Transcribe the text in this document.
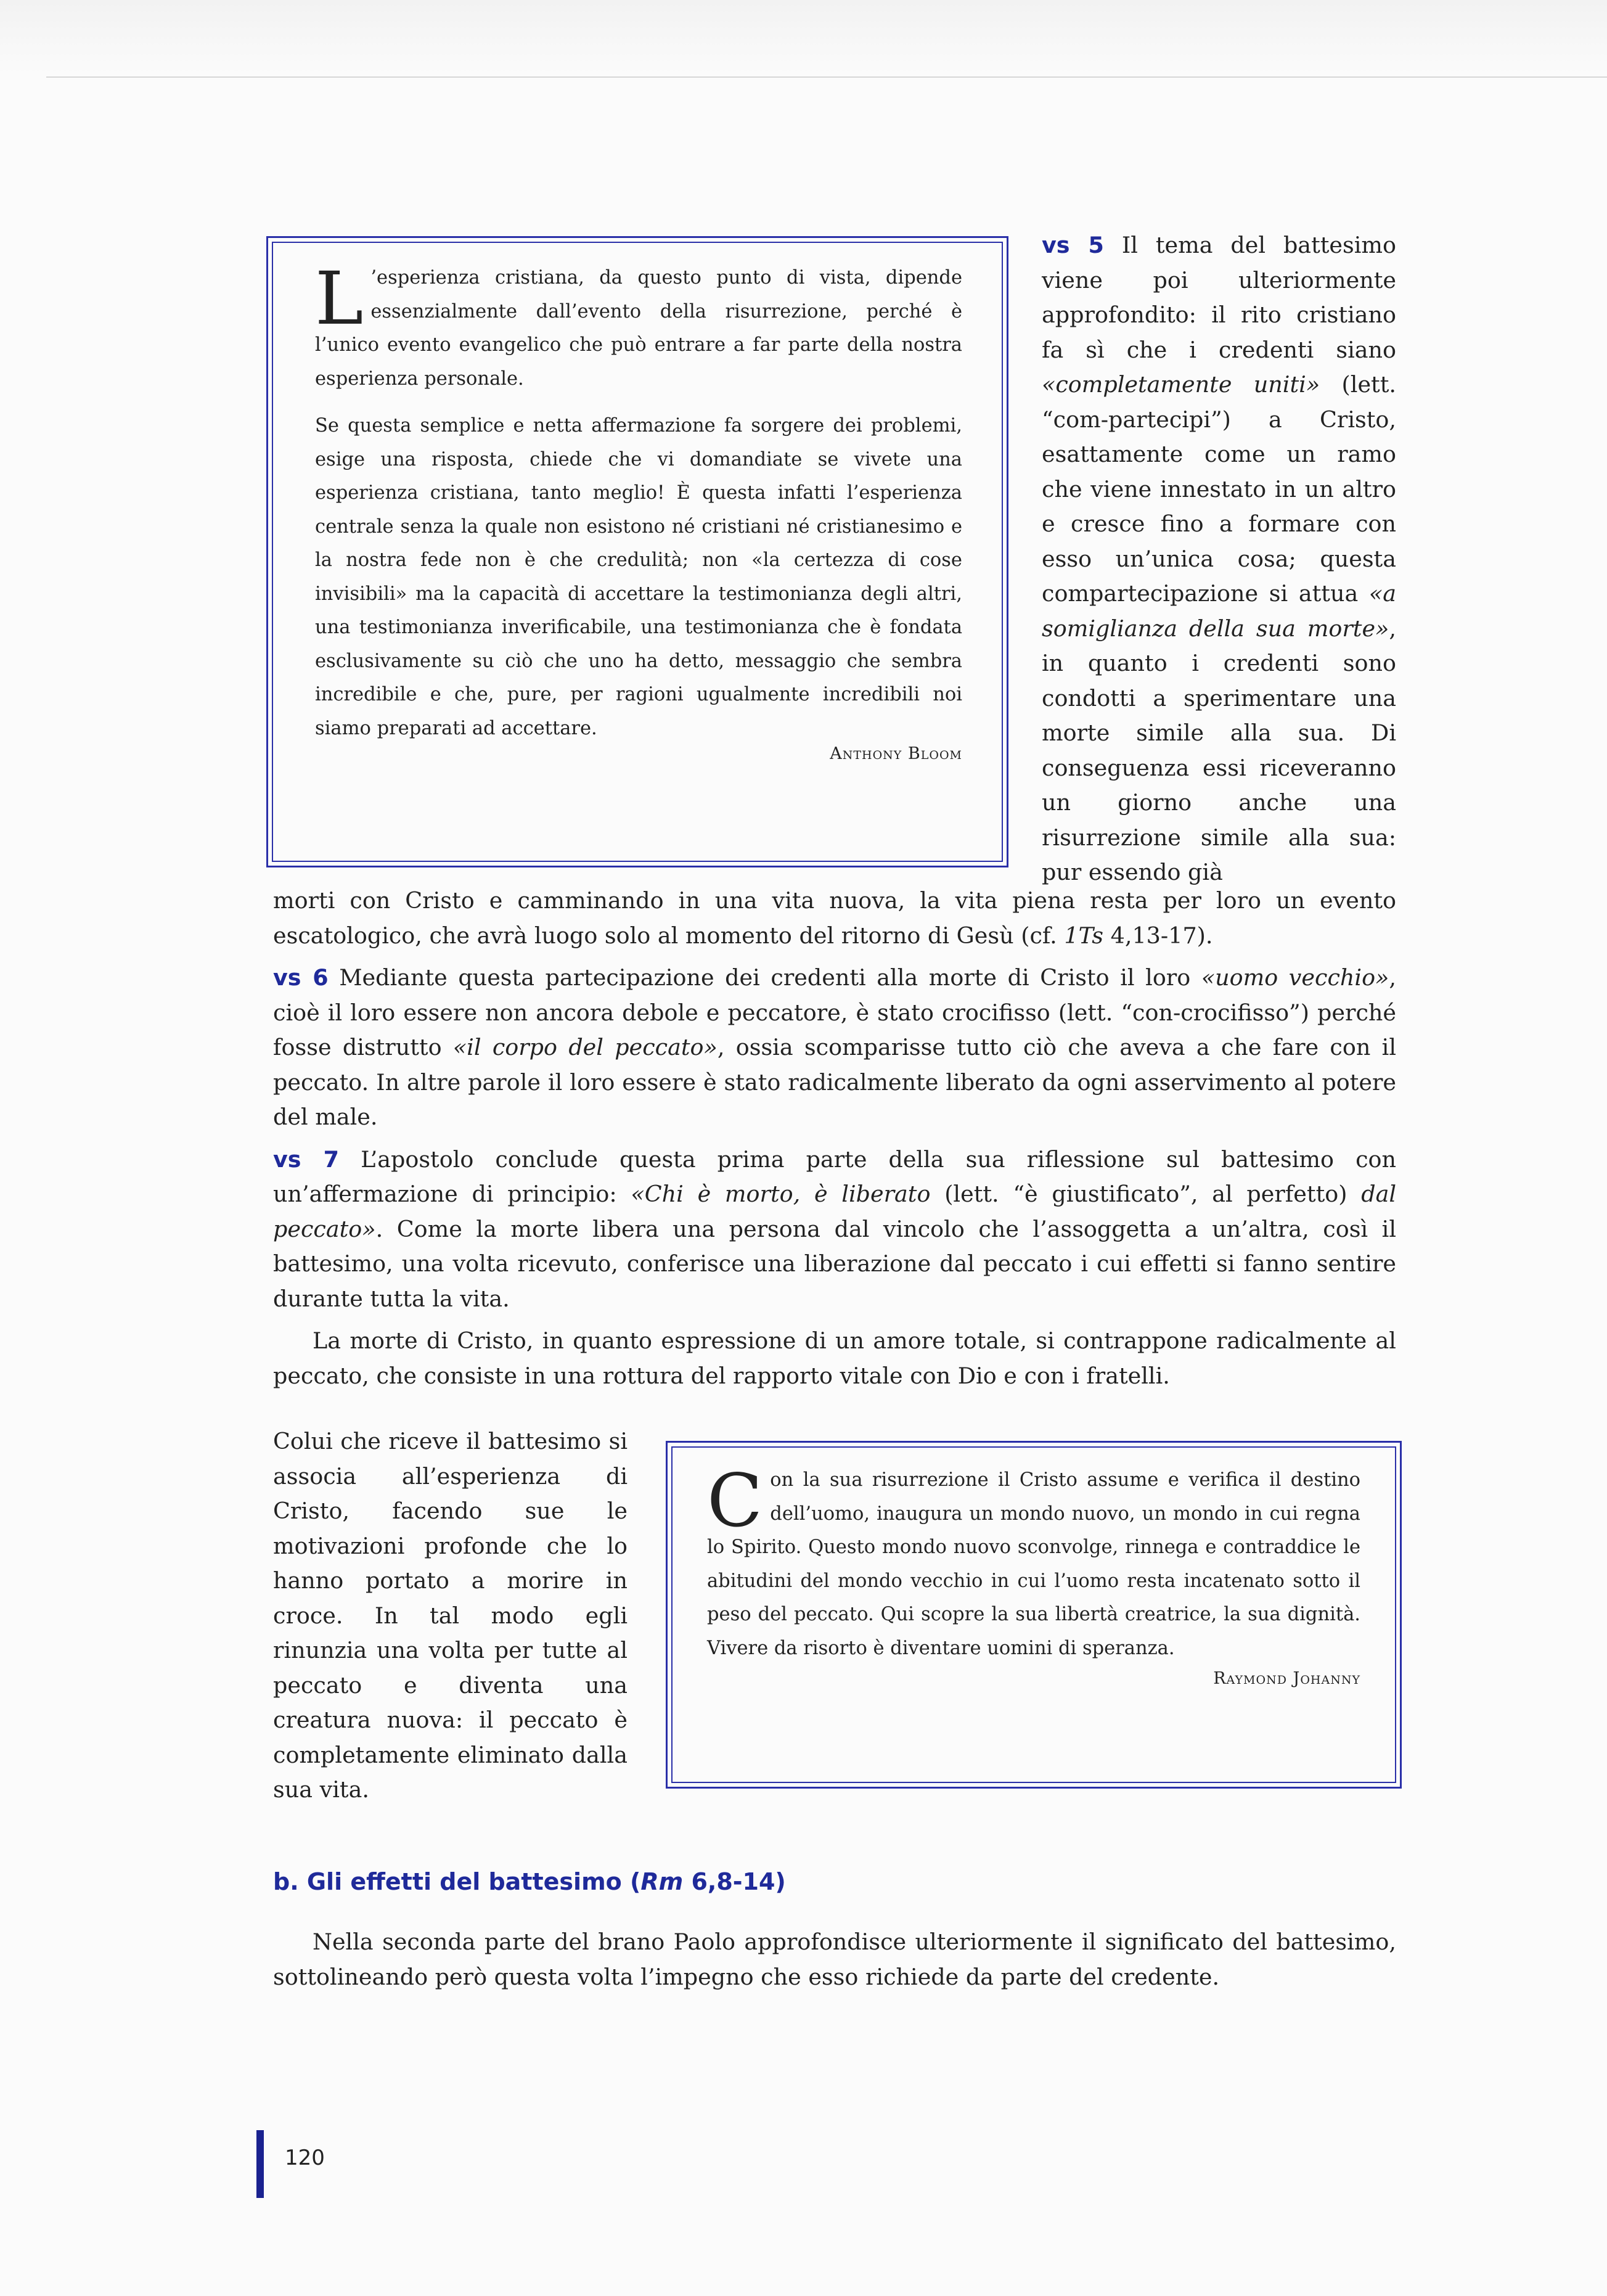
L ’esperienza cristiana, da questo punto di vista, dipende essenzialmente dall’evento della risurrezione, perché è l’unico evento evangelico che può entrare a far parte della nostra esperienza personale.

Se questa semplice e netta affermazione fa sorgere dei problemi, esige una risposta, chiede che vi domandiate se vivete una esperienza cristiana, tanto meglio! È questa infatti l’esperienza centrale senza la quale non esistono né cristiani né cristianesimo e la nostra fede non è che credulità; non «la certezza di cose invisibili» ma la capacità di accettare la testimonianza degli altri, una testimonianza inverificabile, una testimonianza che è fondata esclusivamente su ciò che uno ha detto, messaggio che sembra incredibile e che, pure, per ragioni ugualmente incredibili noi siamo preparati ad accettare.

Anthony Bloom

vs 5 Il tema del battesimo viene poi ulteriormente approfondito: il rito cristiano fa sì che i credenti siano «completamente uniti» (lett. “com-partecipi”) a Cristo, esattamente come un ramo che viene innestato in un altro e cresce fino a formare con esso un’unica cosa; questa compartecipazione si attua «a somiglianza della sua morte», in quanto i credenti sono condotti a sperimentare una morte simile alla sua. Di conseguenza essi riceveranno un giorno anche una risurrezione simile alla sua: pur essendo già

morti con Cristo e camminando in una vita nuova, la vita piena resta per loro un evento escatologico, che avrà luogo solo al momento del ritorno di Gesù (cf. 1Ts 4,13-17).

vs 6 Mediante questa partecipazione dei credenti alla morte di Cristo il loro «uomo vecchio», cioè il loro essere non ancora debole e peccatore, è stato crocifisso (lett. “con-crocifisso”) perché fosse distrutto «il corpo del peccato», ossia scomparisse tutto ciò che aveva a che fare con il peccato. In altre parole il loro essere è stato radicalmente liberato da ogni asservimento al potere del male.

vs 7 L’apostolo conclude questa prima parte della sua riflessione sul battesimo con un’affermazione di principio: «Chi è morto, è liberato (lett. “è giustificato”, al perfetto) dal peccato». Come la morte libera una persona dal vincolo che l’assoggetta a un’altra, così il battesimo, una volta ricevuto, conferisce una liberazione dal peccato i cui effetti si fanno sentire durante tutta la vita.

La morte di Cristo, in quanto espressione di un amore totale, si contrappone radicalmente al peccato, che consiste in una rottura del rapporto vitale con Dio e con i fratelli.

Colui che riceve il battesimo si associa all’esperienza di Cristo, facendo sue le motivazioni profonde che lo hanno portato a morire in croce. In tal modo egli rinunzia una volta per tutte al peccato e diventa una creatura nuova: il peccato è completamente eliminato dalla sua vita.

Con la sua risurrezione il Cristo assume e verifica il destino dell’uomo, inaugura un mondo nuovo, un mondo in cui regna lo Spirito. Questo mondo nuovo sconvolge, rinnega e contraddice le abitudini del mondo vecchio in cui l’uomo resta incatenato sotto il peso del peccato. Qui scopre la sua libertà creatrice, la sua dignità. Vivere da risorto è diventare uomini di speranza.

Raymond Johanny

b. Gli effetti del battesimo (Rm 6,8-14)

Nella seconda parte del brano Paolo approfondisce ulteriormente il significato del battesimo, sottolineando però questa volta l’impegno che esso richiede da parte del credente.

120
